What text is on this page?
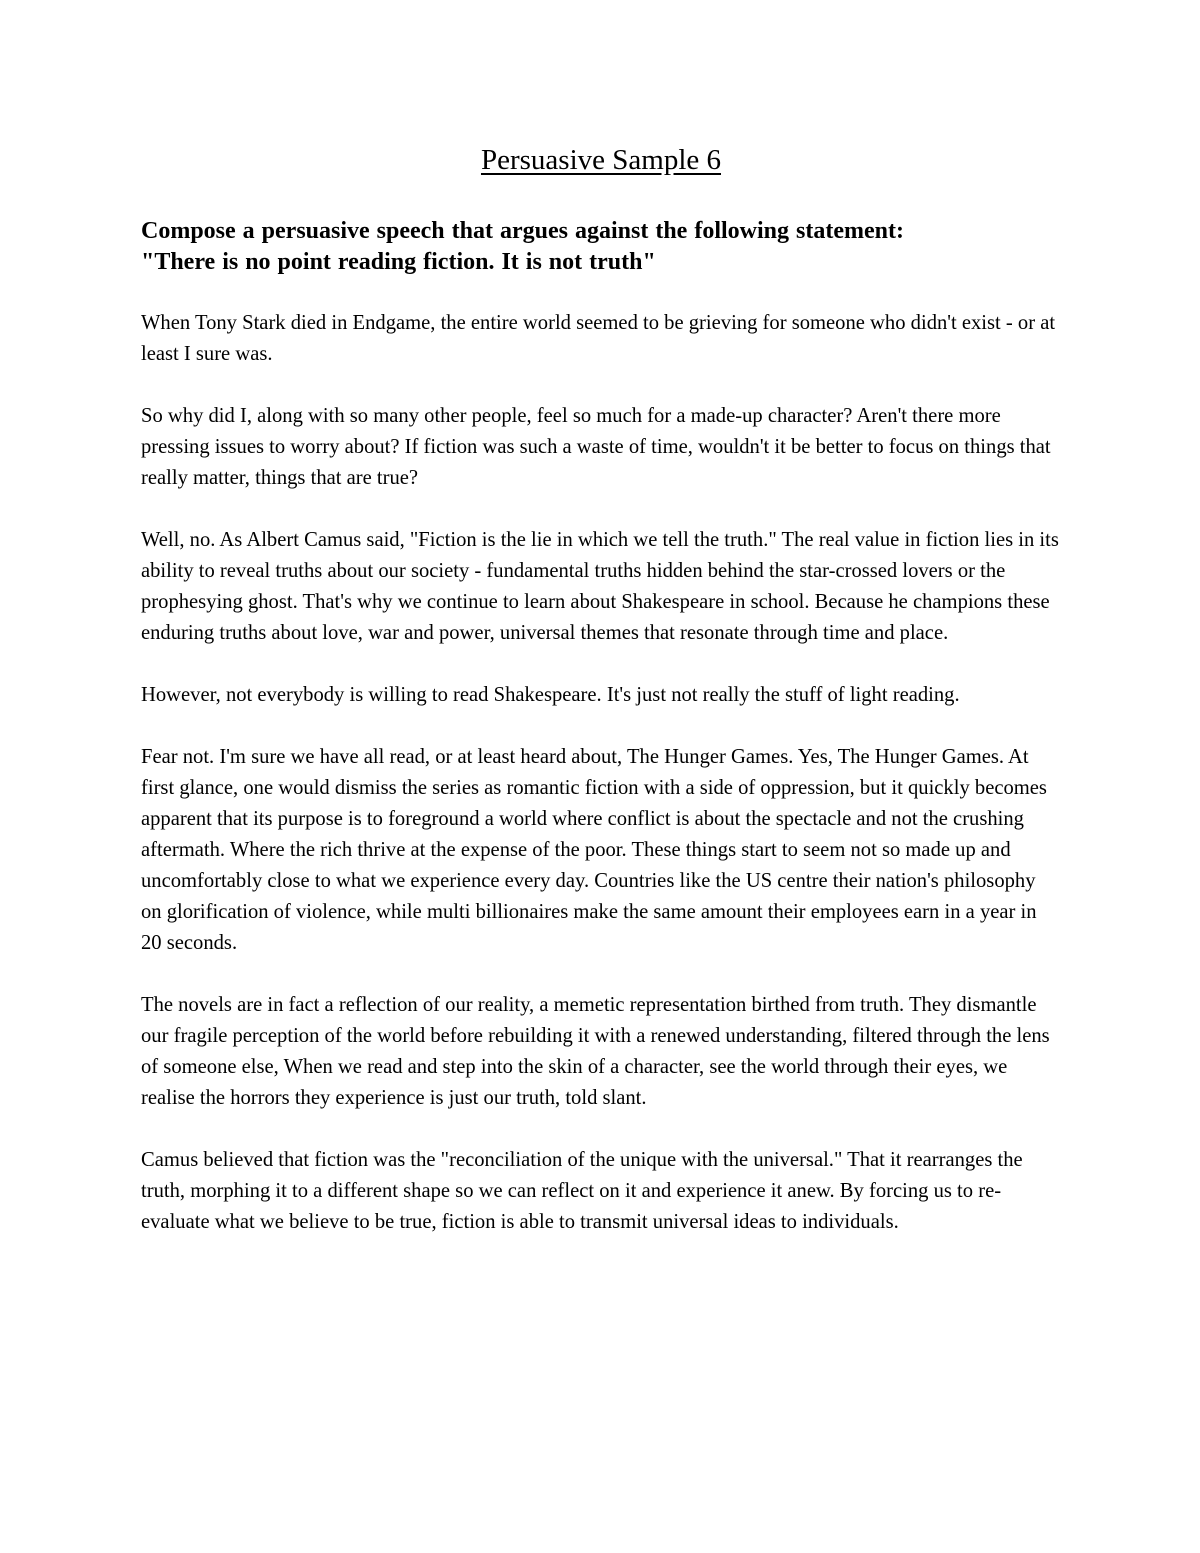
Persuasive Sample 6
Compose a persuasive speech that argues against the following statement:
"There is no point reading fiction. It is not truth"

When Tony Stark died in Endgame, the entire world seemed to be grieving for someone who didn't exist - or at least I sure was.

So why did I, along with so many other people, feel so much for a made-up character? Aren't there more pressing issues to worry about? If fiction was such a waste of time, wouldn't it be better to focus on things that really matter, things that are true?

Well, no. As Albert Camus said, "Fiction is the lie in which we tell the truth." The real value in fiction lies in its ability to reveal truths about our society - fundamental truths hidden behind the star-crossed lovers or the prophesying ghost. That's why we continue to learn about Shakespeare in school. Because he champions these enduring truths about love, war and power, universal themes that resonate through time and place.

However, not everybody is willing to read Shakespeare. It's just not really the stuff of light reading.

Fear not. I'm sure we have all read, or at least heard about, The Hunger Games. Yes, The Hunger Games. At first glance, one would dismiss the series as romantic fiction with a side of oppression, but it quickly becomes apparent that its purpose is to foreground a world where conflict is about the spectacle and not the crushing aftermath. Where the rich thrive at the expense of the poor. These things start to seem not so made up and uncomfortably close to what we experience every day. Countries like the US centre their nation's philosophy on glorification of violence, while multi billionaires make the same amount their employees earn in a year in 20 seconds.

The novels are in fact a reflection of our reality, a memetic representation birthed from truth. They dismantle our fragile perception of the world before rebuilding it with a renewed understanding, filtered through the lens of someone else, When we read and step into the skin of a character, see the world through their eyes, we realise the horrors they experience is just our truth, told slant.

Camus believed that fiction was the "reconciliation of the unique with the universal." That it rearranges the truth, morphing it to a different shape so we can reflect on it and experience it anew. By forcing us to re-evaluate what we believe to be true, fiction is able to transmit universal ideas to individuals.
